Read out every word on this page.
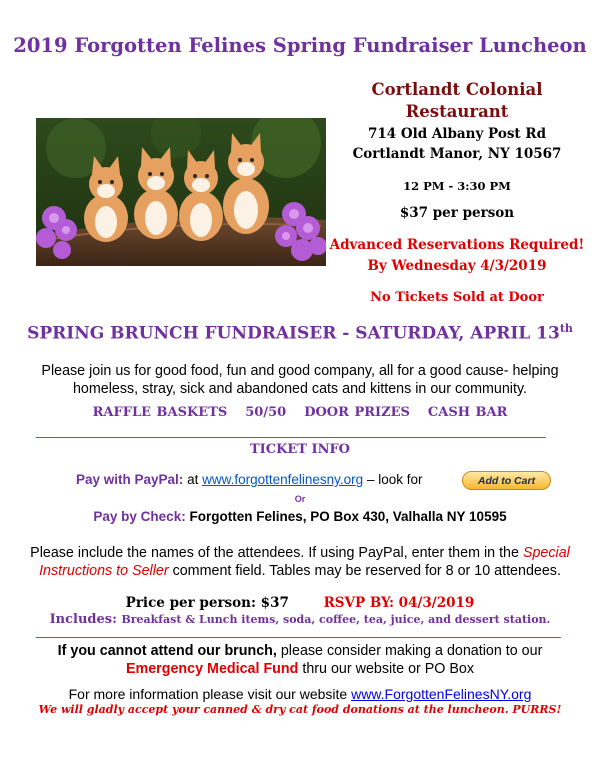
2019 Forgotten Felines Spring Fundraiser Luncheon
Cortlandt Colonial
Restaurant
714 Old Albany Post Rd
Cortlandt Manor, NY 10567
12 PM - 3:30 PM
$37 per person
Advanced Reservations Required!
By Wednesday 4/3/2019
No Tickets Sold at Door
SPRING BRUNCH FUNDRAISER - SATURDAY, APRIL 13th
Please join us for good food, fun and good company, all for a good cause- helping homeless, stray, sick and abandoned cats and kittens in our community.
RAFFLE BASKETS 50/50 DOOR PRIZES CASH BAR
TICKET INFO
Pay with PayPal: at www.forgottenfelinesny.org – look for	Add to Cart
Or
Pay by Check: Forgotten Felines, PO Box 430, Valhalla NY 10595
Please include the names of the attendees. If using PayPal, enter them in the Special Instructions to Seller comment field. Tables may be reserved for 8 or 10 attendees.
Price per person: $37	RSVP BY: 04/3/2019
Includes: Breakfast & Lunch items, soda, coffee, tea, juice, and dessert station.
If you cannot attend our brunch, please consider making a donation to our
Emergency Medical Fund thru our website or PO Box
For more information please visit our website www.ForgottenFelinesNY.org
We will gladly accept your canned & dry cat food donations at the luncheon. PURRS!
